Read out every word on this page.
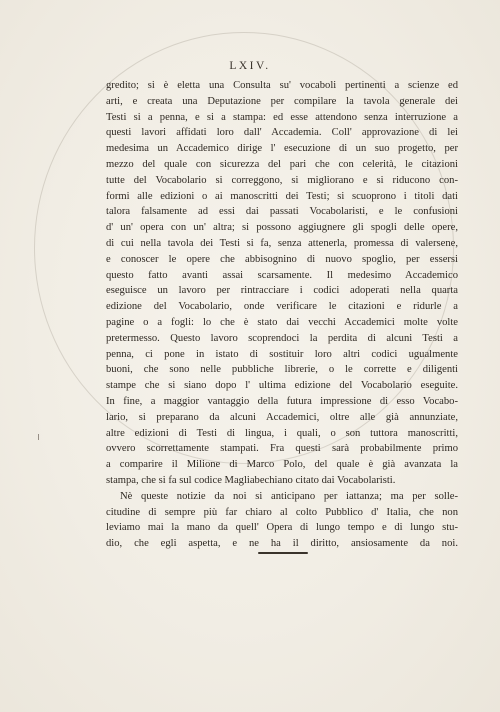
LXIV.
gredito; si è eletta una Consulta su' vocaboli pertinenti a scienze ed
arti, e creata una Deputazione per compilare la tavola generale dei
Testi si a penna, e si a stampa: ed esse attendono senza interruzione a
questi lavori affidati loro dall' Accademia. Coll' approvazione di lei
medesima un Accademico dirige l' esecuzione di un suo progetto, per
mezzo del quale con sicurezza del pari che con celerità, le citazioni
tutte del Vocabolario si correggono, si migliorano e si riducono con-
formi alle edizioni o ai manoscritti dei Testi; si scuoprono i titoli dati
talora falsamente ad essi dai passati Vocabolaristi, e le confusioni
d' un' opera con un' altra; si possono aggiugnere gli spogli delle opere,
di cui nella tavola dei Testi si fa, senza attenerla, promessa di valersene,
e conoscer le opere che abbisognino di nuovo spoglio, per essersi
questo fatto avanti assai scarsamente. Il medesimo Accademico
eseguisce un lavoro per rintracciare i codici adoperati nella quarta
edizione del Vocabolario, onde verificare le citazioni e ridurle a
pagine o a fogli: lo che è stato dai vecchi Accademici molte volte
pretermesso. Questo lavoro scoprendoci la perdita di alcuni Testi a
penna, ci pone in istato di sostituir loro altri codici ugualmente
buoni, che sono nelle pubbliche librerie, o le corrette e diligenti
stampe che si siano dopo l' ultima edizione del Vocabolario eseguite.
In fine, a maggior vantaggio della futura impressione di esso Vocabo-
lario, si preparano da alcuni Accademici, oltre alle già annunziate,
altre edizioni di Testi di lingua, i quali, o son tuttora manoscritti,
ovvero scorrettamente stampati. Fra questi sarà probabilmente primo
a comparire il Milione di Marco Polo, del quale è già avanzata la
stampa, che si fa sul codice Magliabechiano citato dai Vocabolaristi.
Nè queste notizie da noi si anticipano per iattanza; ma per solle-
citudine di sempre più far chiaro al colto Pubblico d' Italia, che non
leviamo mai la mano da quell' Opera di lungo tempo e di lungo stu-
dio, che egli aspetta, e ne ha il diritto, ansiosamente da noi.
